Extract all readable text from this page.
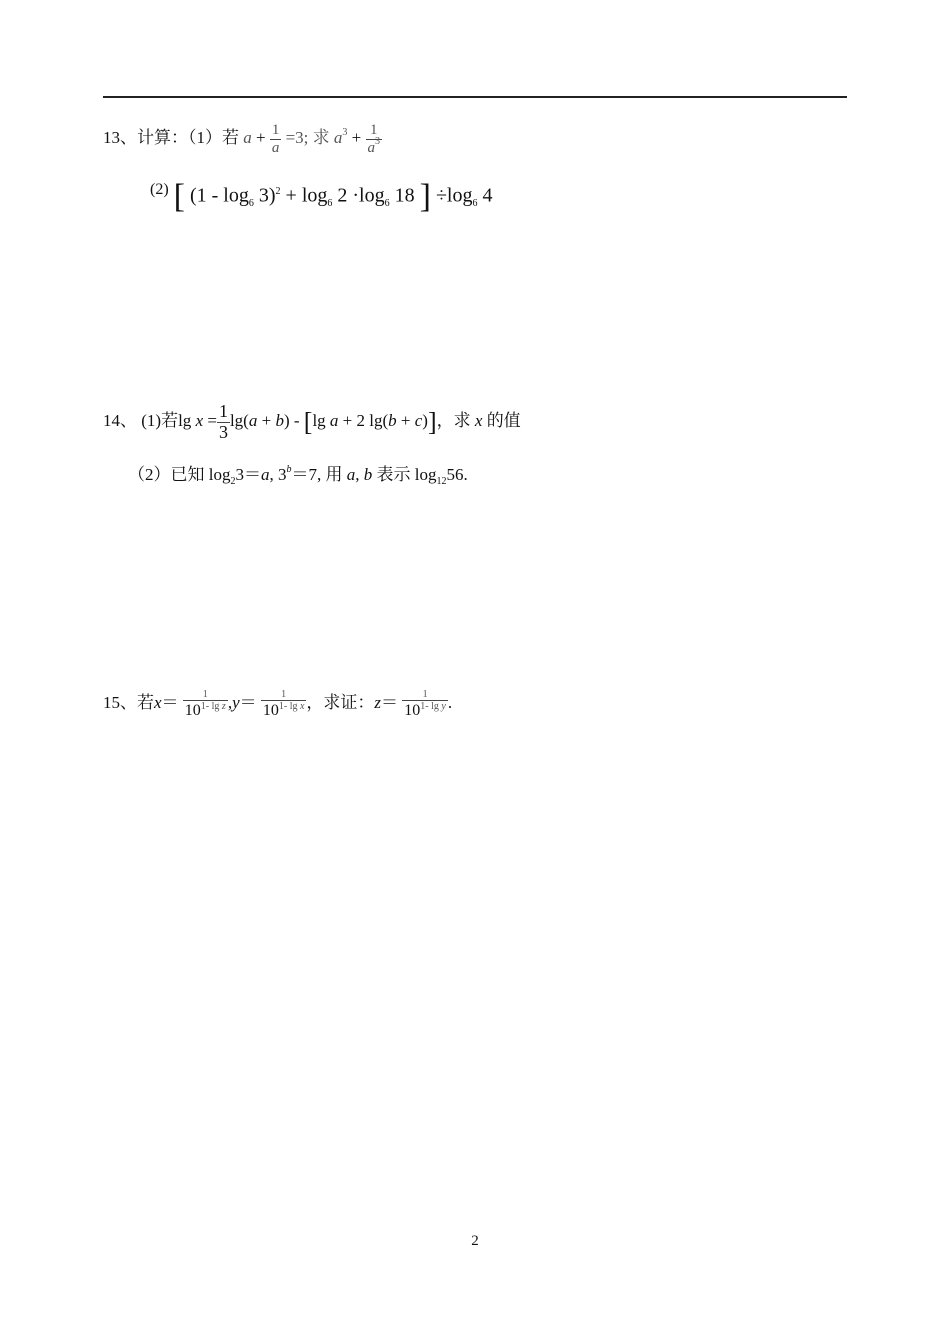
13、计算：（1）若 $a + \frac{1}{a} =3$; 求 $a^3 + \frac{1}{a^3}$
$^{(2)}$ [ $(1 - \log_6 3)^2 + \log_6 2 \cdot\log_6$ 18 ] $\div\log_6$ 4
14、 (1)若$\lg x = \frac{1}{3} \lg(a + b) - [\lg$ a + 2 lg(b + c)]，求 x 的值
（2）已知 $\log_23=a$, $3^b=7$, 用 a, b 表示 $\log_{12}56$.
15、若$x= \frac{1}{10^{1- lg z}} ,y= \frac{1}{10^{1- lg x}}$ ，求证：$z= \frac{1}{10^{1- lg y}}$ .
2
